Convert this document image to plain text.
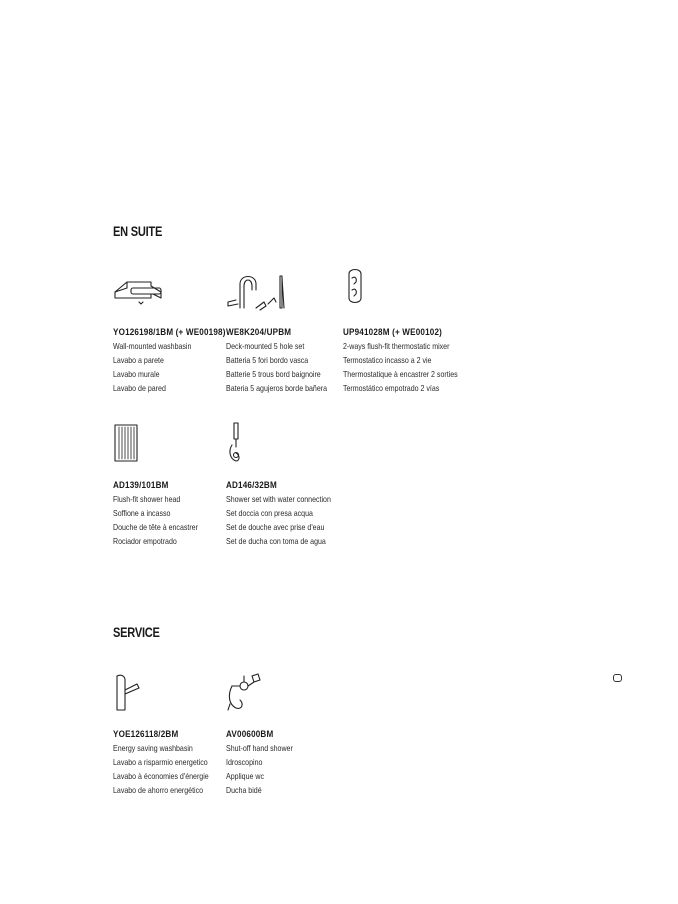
EN SUITE
YO126198/1BM (+ WE00198)
Wall-mounted washbasin
Lavabo a parete
Lavabo murale
Lavabo de pared
WE8K204/UPBM
Deck-mounted 5 hole set
Batteria 5 fori bordo vasca
Batterie 5 trous bord baignoire
Bateria 5 agujeros borde bañera
UP941028M (+ WE00102)
2-ways flush-fit thermostatic mixer
Termostatico incasso a 2 vie
Thermostatique à encastrer 2 sorties
Termostático empotrado 2 vías
AD139/101BM
Flush-fit shower head
Soffione a incasso
Douche de tête à encastrer
Rociador empotrado
AD146/32BM
Shower set with water connection
Set doccia con presa acqua
Set de douche avec prise d'eau
Set de ducha con toma de agua
SERVICE
YOE126118/2BM
Energy saving washbasin
Lavabo a risparmio energetico
Lavabo à économies d'énergie
Lavabo de ahorro energético
AV00600BM
Shut-off hand shower
Idroscopino
Applique wc
Ducha bidé
